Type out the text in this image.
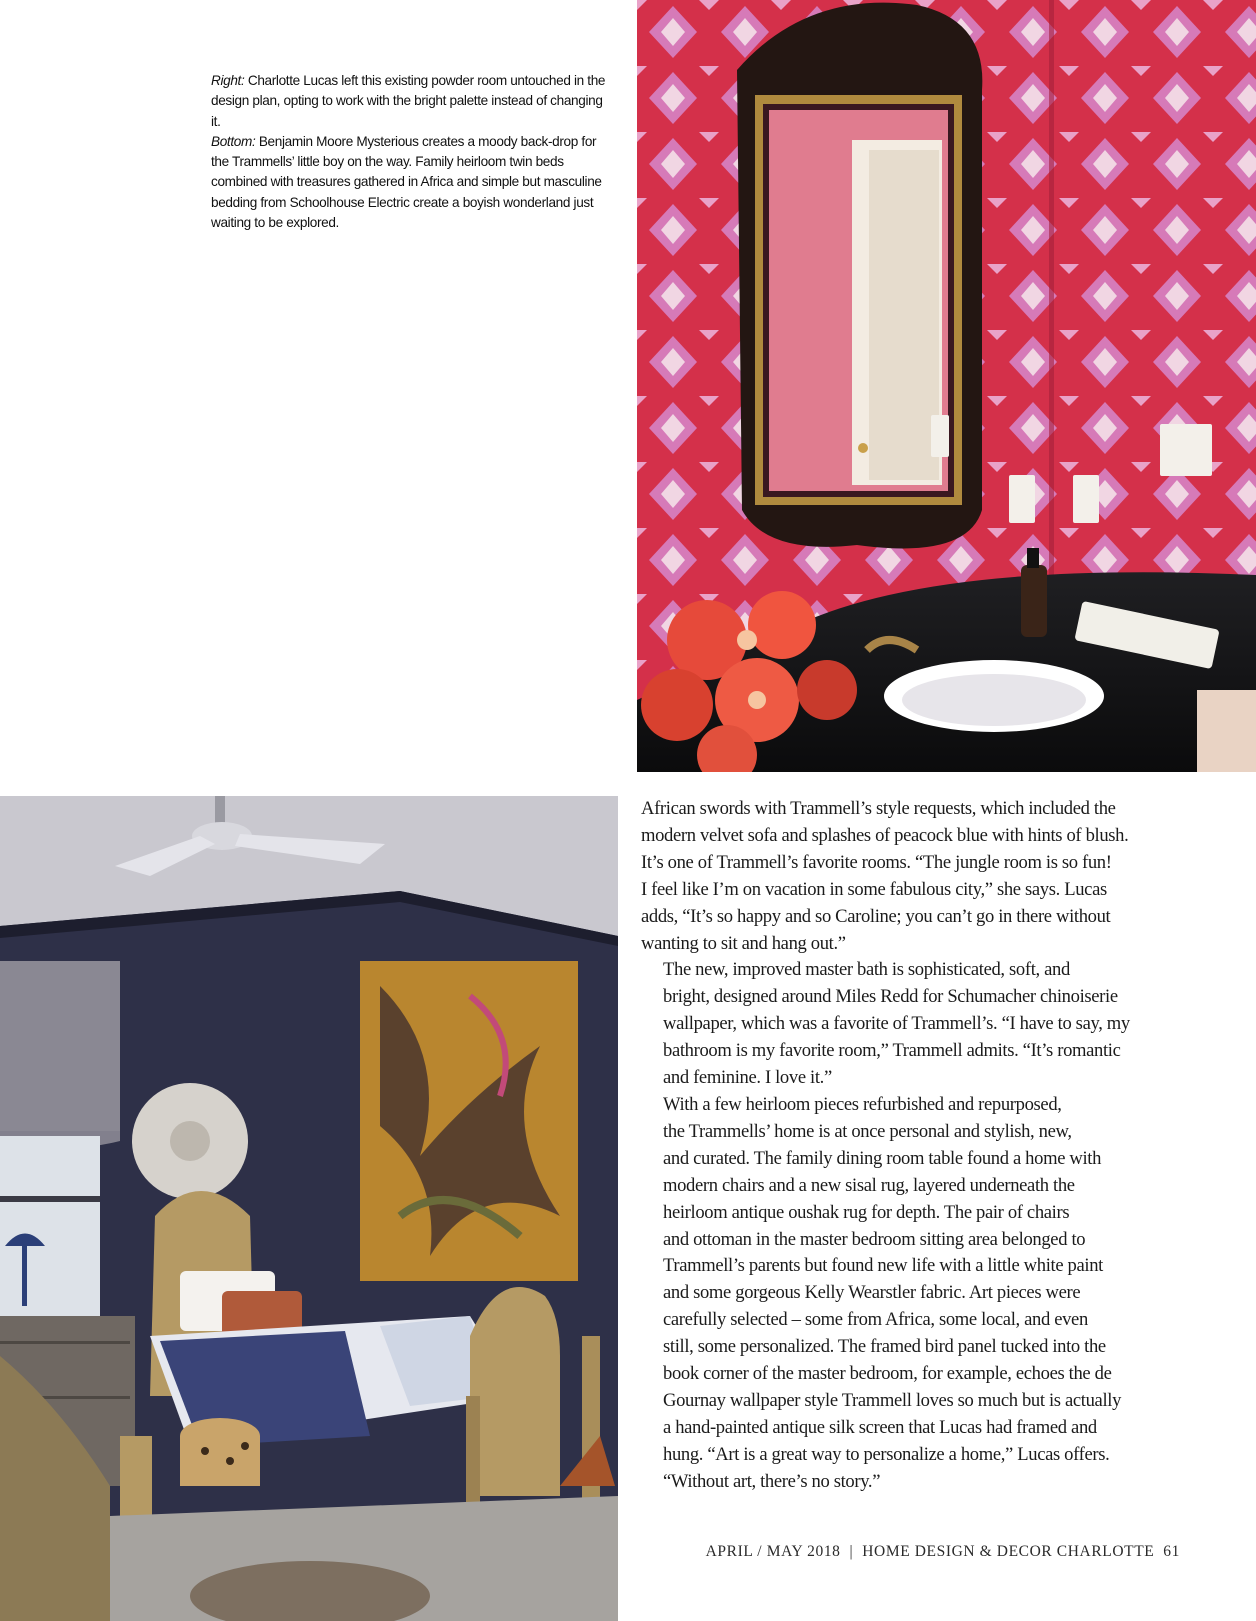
Right: Charlotte Lucas left this existing powder room untouched in the design plan, opting to work with the bright palette instead of changing it.

Bottom: Benjamin Moore Mysterious creates a moody back-drop for the Trammells’ little boy on the way. Family heirloom twin beds combined with treasures gathered in Africa and simple but masculine bedding from Schoolhouse Electric create a boyish wonderland just waiting to be explored.

African swords with Trammell’s style requests, which included the
modern velvet sofa and splashes of peacock blue with hints of blush.
It’s one of Trammell’s favorite rooms. “The jungle room is so fun!
I feel like I’m on vacation in some fabulous city,” she says. Lucas
adds, “It’s so happy and so Caroline; you can’t go in there without
wanting to sit and hang out.”

The new, improved master bath is sophisticated, soft, and
bright, designed around Miles Redd for Schumacher chinoiserie
wallpaper, which was a favorite of Trammell’s. “I have to say, my
bathroom is my favorite room,” Trammell admits. “It’s romantic
and feminine. I love it.”

With a few heirloom pieces refurbished and repurposed,
the Trammells’ home is at once personal and stylish, new,
and curated. The family dining room table found a home with
modern chairs and a new sisal rug, layered underneath the
heirloom antique oushak rug for depth. The pair of chairs
and ottoman in the master bedroom sitting area belonged to
Trammell’s parents but found new life with a little white paint
and some gorgeous Kelly Wearstler fabric. Art pieces were
carefully selected – some from Africa, some local, and even
still, some personalized. The framed bird panel tucked into the
book corner of the master bedroom, for example, echoes the de
Gournay wallpaper style Trammell loves so much but is actually
a hand-painted antique silk screen that Lucas had framed and
hung. “Art is a great way to personalize a home,” Lucas offers.
“Without art, there’s no story.”

APRIL / MAY 2018 | HOME DESIGN & DECOR CHARLOTTE 61
